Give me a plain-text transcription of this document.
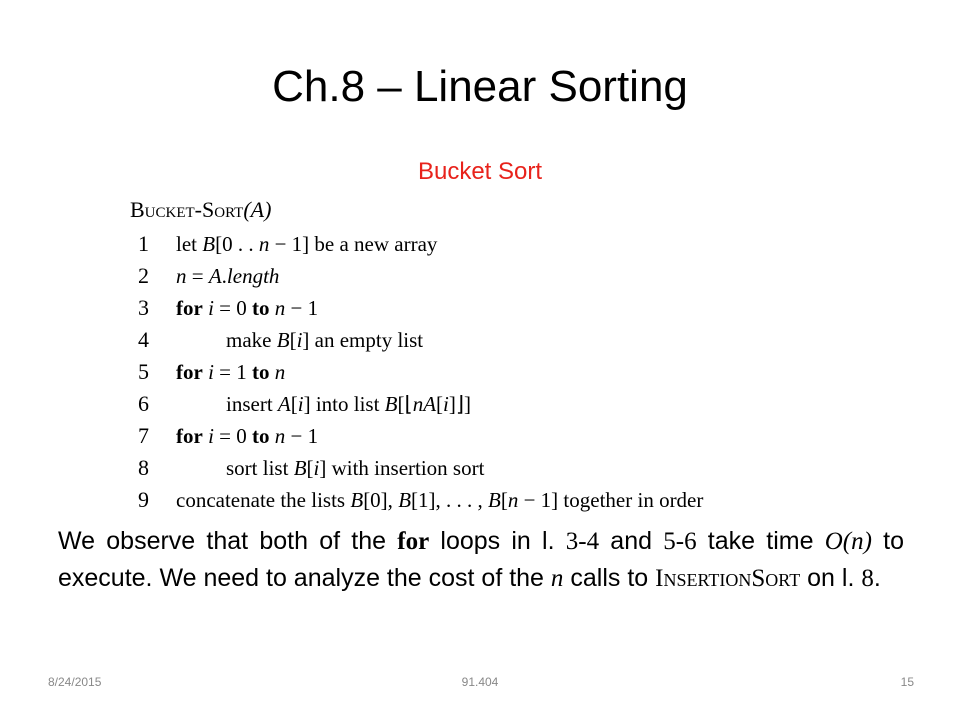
Ch.8 – Linear Sorting
Bucket Sort
Bucket-Sort(A)
1	let B[0 . . n − 1] be a new array
2	n = A.length
3	for i = 0 to n − 1
4	make B[i] an empty list
5	for i = 1 to n
6	insert A[i] into list B[⌊nA[i]⌋]
7	for i = 0 to n − 1
8	sort list B[i] with insertion sort
9	concatenate the lists B[0], B[1], . . . , B[n − 1] together in order
We observe that both of the for loops in l. 3-4 and 5-6 take time O(n) to execute. We need to analyze the cost of the n calls to InsertionSort on l. 8.
8/24/2015	91.404	15
